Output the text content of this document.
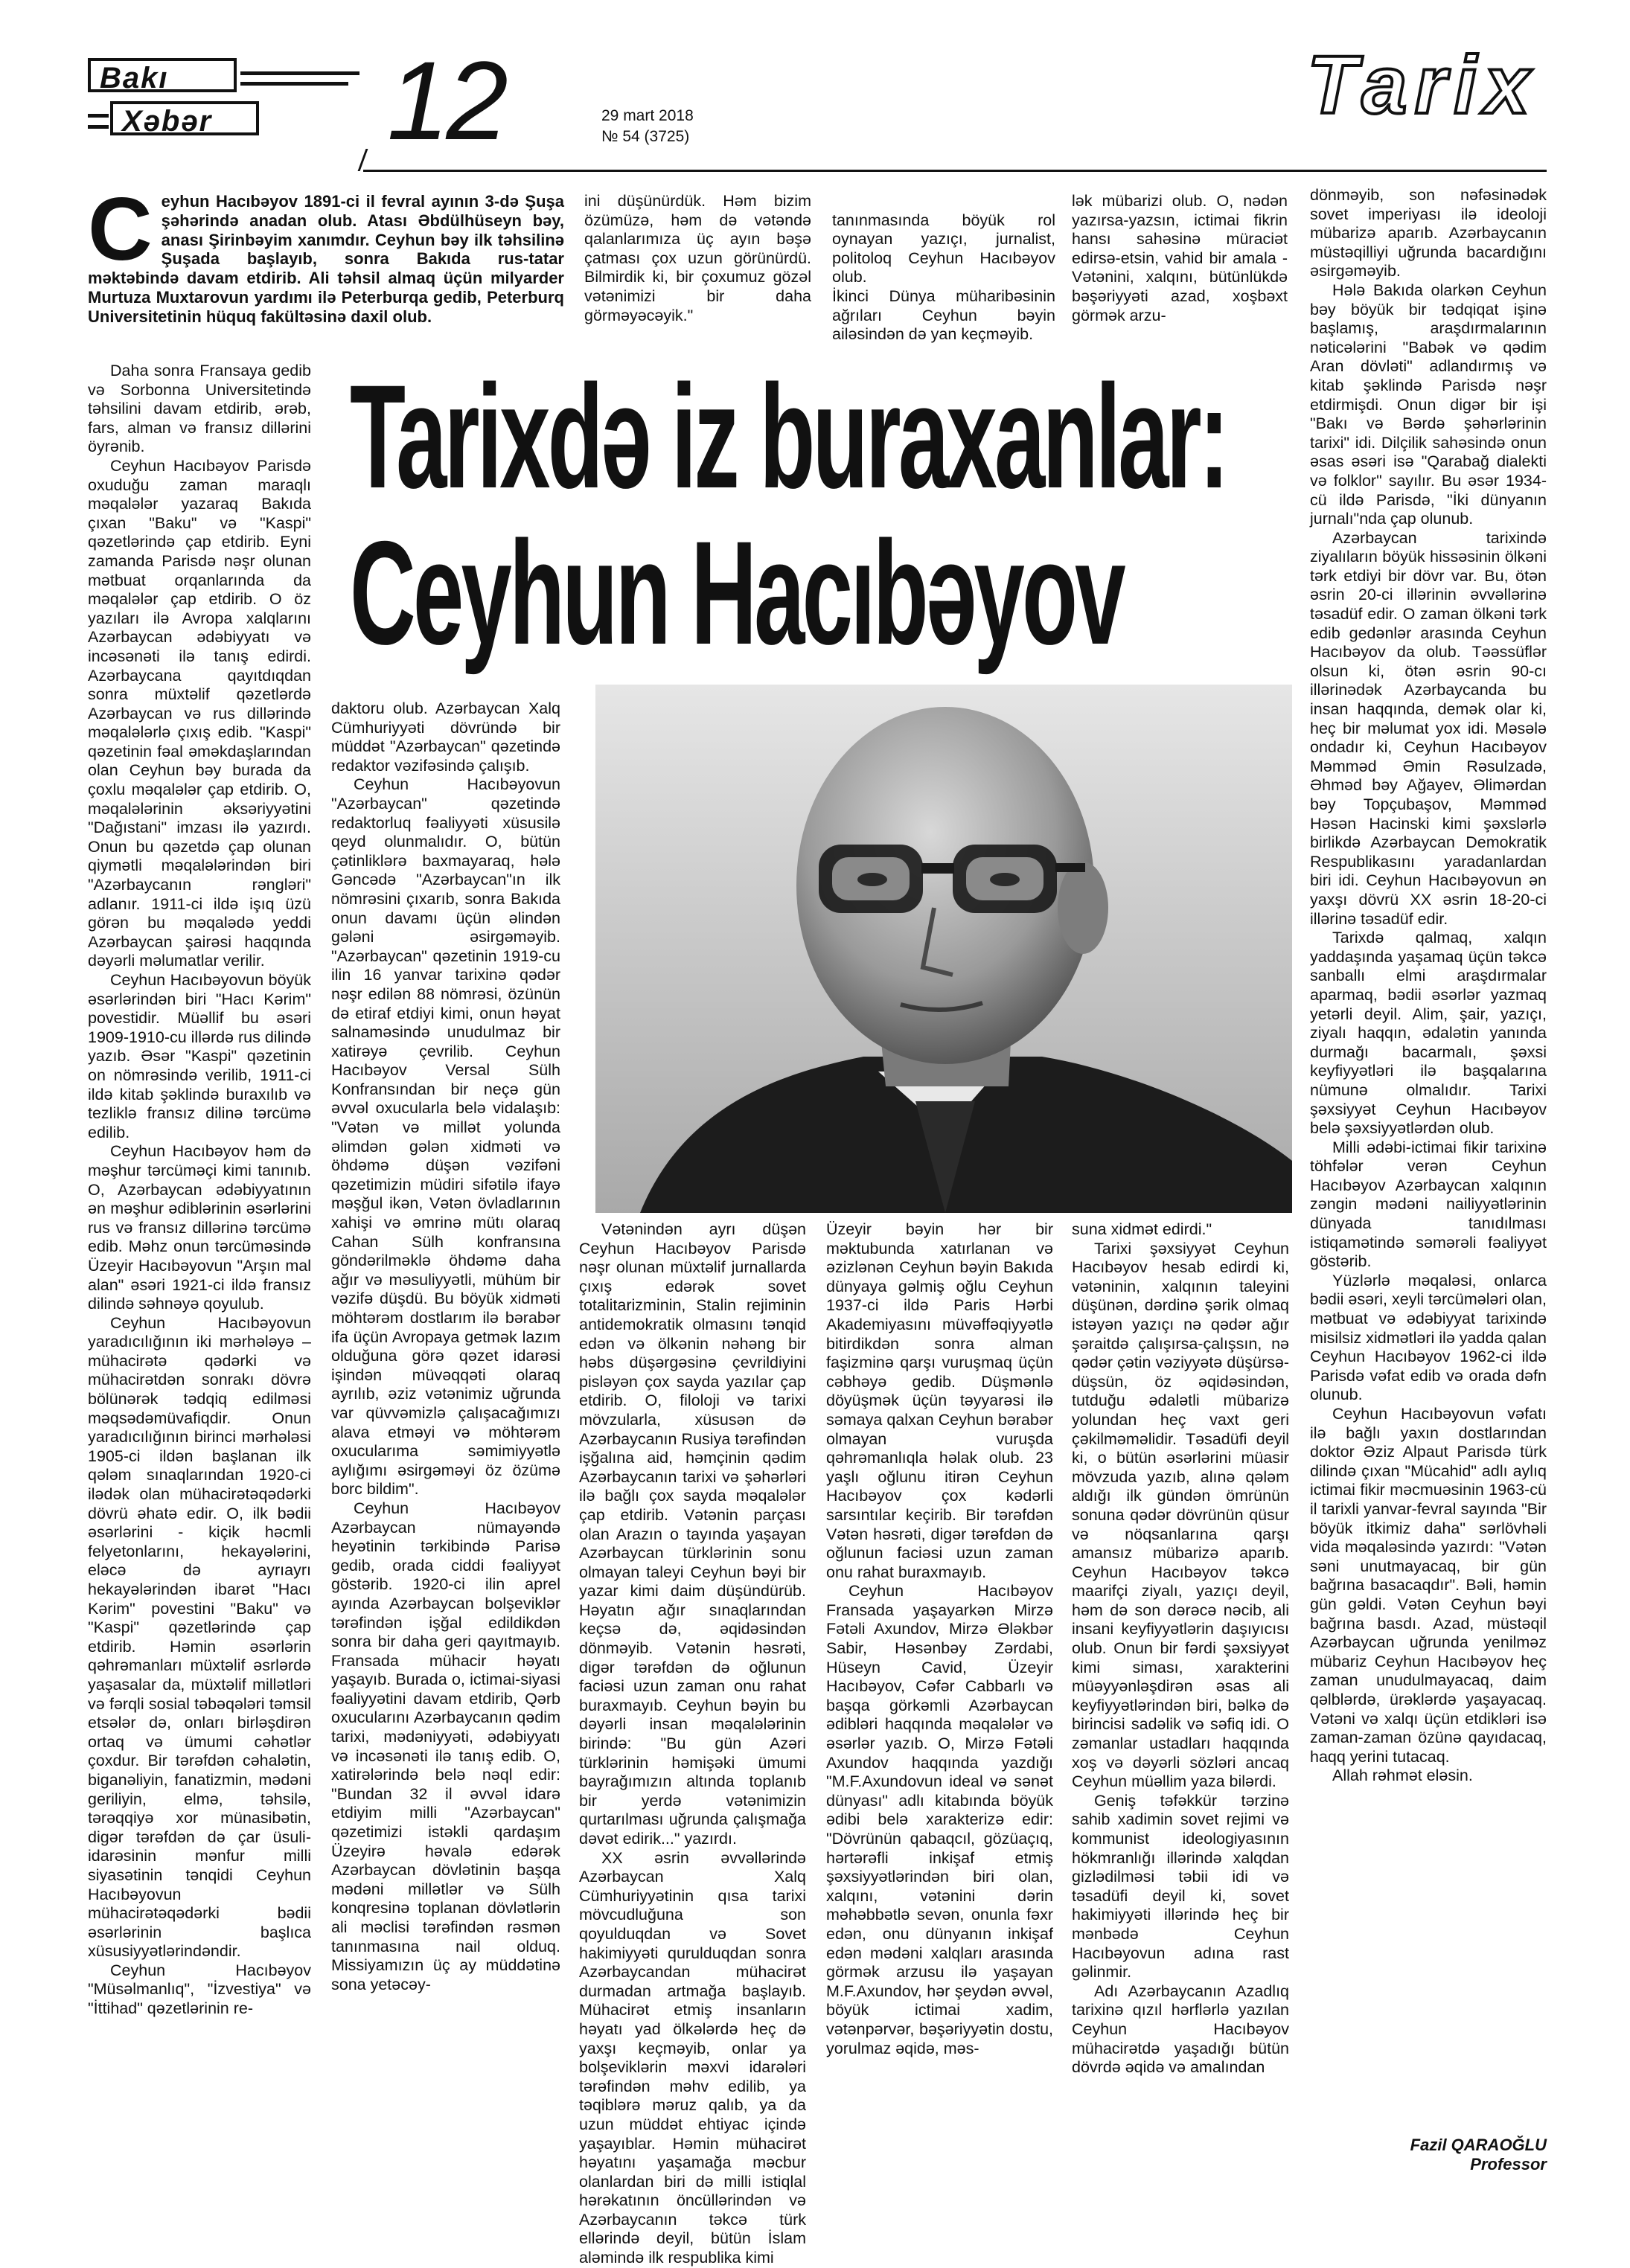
Bakı
Xəbər	12	29 mart 2018
№ 54 (3725)
Tarix
C eyhun Hacıbəyov 1891-ci il fevral ayının 3-də Şuşa şəhərində anadan olub. Atası Əbdülhüseyn bəy, anası Şirinbəyim xanımdır. Ceyhun bəy ilk təhsilinə Şuşada başlayıb, sonra Bakıda rus-tatar məktəbində davam etdirib. Ali təhsil almaq üçün milyarder Murtuza Muxtarovun yardımı ilə Peterburqa gedib, Peterburq Universitetinin hüquq fakültəsinə daxil olub.

ini düşünürdük. Həm bizim özümüzə, həm də vətəndə qalanlarımıza üç ayın bəşə çatması çox uzun görünürdü. Bilmirdik ki, bir çoxumuz gözəl vətənimizi bir daha görməyəcəyik."

tanınmasında böyük rol oynayan yazıçı, jurnalist, politoloq Ceyhun Hacıbəyov olub.
İkinci Dünya müharibəsinin ağrıları Ceyhun bəyin ailəsindən də yan keçməyib.

lək mübarizi olub. O, nədən yazırsa-yazsın, ictimai fikrin hansı sahəsinə müraciət edirsə-etsin, vahid bir amala - Vətənini, xalqını, bütünlükdə bəşəriyyəti azad, xoşbəxt görmək arzu-

Tarixdə iz buraxanlar:
Ceyhun Hacıbəyov

Daha sonra Fransaya gedib və Sorbonna Universitetində təhsilini davam etdirib, ərəb, fars, alman və fransız dillərini öyrənib.

Ceyhun Hacıbəyov Parisdə oxuduğu zaman maraqlı məqalələr yazaraq Bakıda çıxan "Baku" və "Kaspi" qəzetlərində çap etdirib. Eyni zamanda Parisdə nəşr olunan mətbuat orqanlarında da məqalələr çap etdirib. O öz yazıları ilə Avropa xalqlarını Azərbaycan ədəbiyyatı və incəsənəti ilə tanış edirdi. Azərbaycana qayıtdıqdan sonra müxtəlif qəzetlərdə Azərbaycan və rus dillərində məqalələrlə çıxış edib. "Kaspi" qəzetinin fəal əməkdaşlarından olan Ceyhun bəy burada da çoxlu məqalələr çap etdirib. O, məqalələrinin əksəriyyətini "Dağıstani" imzası ilə yazırdı. Onun bu qəzetdə çap olunan qiymətli məqalələrindən biri "Azərbaycanın rəngləri" adlanır. 1911-ci ildə işıq üzü görən bu məqalədə yeddi Azərbaycan şairəsi haqqında dəyərli məlumatlar verilir.

Ceyhun Hacıbəyovun böyük əsərlərindən biri "Hacı Kərim" povestidir. Müəllif bu əsəri 1909-1910-cu illərdə rus dilində yazıb. Əsər "Kaspi" qəzetinin on nömrəsində verilib, 1911-ci ildə kitab şəklində buraxılıb və tezliklə fransız dilinə tərcümə edilib.

Ceyhun Hacıbəyov həm də məşhur tərcüməçi kimi tanınıb. O, Azərbaycan ədəbiyyatının ən məşhur ədiblərinin əsərlərini rus və fransız dillərinə tərcümə edib. Məhz onun tərcüməsində Üzeyir Hacıbəyovun "Arşın mal alan" əsəri 1921-ci ildə fransız dilində səhnəyə qoyulub.

Ceyhun Hacıbəyovun yaradıcılığının iki mərhələyə – mühacirətə qədərki və mühacirətdən sonrakı dövrə bölünərək tədqiq edilməsi məqsədəmüvafiqdir. Onun yaradıcılığının birinci mərhələsi 1905-ci ildən başlanan ilk qələm sınaqlarından 1920-ci ilədək olan mühacirətəqədərki dövrü əhatə edir. O, ilk bədii əsərlərini - kiçik həcmli felyetonlarını, hekayələrini, eləcə də ayrıayrı hekayələrindən ibarət "Hacı Kərim" povestini "Baku" və "Kaspi" qəzetlərində çap etdirib. Həmin əsərlərin qəhrəmanları müxtəlif əsrlərdə yaşasalar da, müxtəlif millətləri və fərqli sosial təbəqələri təmsil etsələr də, onları birləşdirən ortaq və ümumi cəhətlər çoxdur. Bir tərəfdən cəhalətin, biganəliyin, fanatizmin, mədəni geriliyin, elmə, təhsilə, tərəqqiyə xor münasibətin, digər tərəfdən də çar üsuli-idarəsinin mənfur milli siyasətinin tənqidi Ceyhun Hacıbəyovun mühacirətəqədərki bədii əsərlərinin başlıca xüsusiyyətlərindəndir.

Ceyhun Hacıbəyov "Müsəlmanlıq", "İzvestiya" və "İttihad" qəzetlərinin re-

daktoru olub. Azərbaycan Xalq Cümhuriyyəti dövründə bir müddət "Azərbaycan" qəzetində redaktor vəzifəsində çalışıb.

Ceyhun Hacıbəyovun "Azərbaycan" qəzetində redaktorluq fəaliyyəti xüsusilə qeyd olunmalıdır. O, bütün çətinliklərə baxmayaraq, hələ Gəncədə "Azərbaycan"ın ilk nömrəsini çıxarıb, sonra Bakıda onun davamı üçün əlindən gələni əsirgəməyib. "Azərbaycan" qəzetinin 1919-cu ilin 16 yanvar tarixinə qədər nəşr edilən 88 nömrəsi, özünün də etiraf etdiyi kimi, onun həyat salnaməsində unudulmaz bir xatirəyə çevrilib. Ceyhun Hacıbəyov Versal Sülh Konfransından bir neçə gün əvvəl oxucularla belə vidalaşıb: "Vətən və millət yolunda əlimdən gələn xidməti və öhdəmə düşən vəzifəni qəzetimizin müdiri sifətilə ifayə məşğul ikən, Vətən övladlarının xahişi və əmrinə mütı olaraq Cahan Sülh konfransına göndərilməklə öhdəmə daha ağır və məsuliyyətli, mühüm bir vəzifə düşdü. Bu böyük xidməti möhtərəm dostlarım ilə bərabər ifa üçün Avropaya getmək lazım olduğuna görə qəzet idarəsi işindən müvəqqəti olaraq ayrılıb, əziz vətənimiz uğrunda var qüvvəmizlə çalışacağımızı alava etməyi və möhtərəm oxucularıma səmimiyyətlə aylığımı əsirgəməyi öz özümə borc bildim".

Ceyhun Hacıbəyov Azərbaycan nümayəndə heyətinin tərkibində Parisə gedib, orada ciddi fəaliyyət göstərib. 1920-ci ilin aprel ayında Azərbaycan bolşeviklər tərəfindən işğal edildikdən sonra bir daha geri qayıtmayıb. Fransada mühacir həyatı yaşayıb. Burada o, ictimai-siyasi fəaliyyətini davam etdirib, Qərb oxucularını Azərbaycanın qədim tarixi, mədəniyyəti, ədəbiyyatı və incəsənəti ilə tanış edib. O, xatirələrində belə nəql edir: "Bundan 32 il əvvəl idarə etdiyim milli "Azərbaycan" qəzetimizi istəkli qardaşım Üzeyirə həvalə edərək Azərbaycan dövlətinin başqa mədəni millətlər və Sülh konqresinə toplanan dövlətlərin ali məclisi tərəfindən rəsmən tanınmasına nail olduq. Missiyamızın üç ay müddətinə sona yetəcəy-

Vətənindən ayrı düşən Ceyhun Hacıbəyov Parisdə nəşr olunan müxtəlif jurnallarda çıxış edərək sovet totalitarizminin, Stalin rejiminin antidemokratik olmasını tənqid edən və ölkənin nəhəng bir həbs düşərgəsinə çevrildiyini pisləyən çox sayda yazılar çap etdirib. O, filoloji və tarixi mövzularla, xüsusən də Azərbaycanın Rusiya tərəfindən işğalına aid, həmçinin qədim Azərbaycanın tarixi və şəhərləri ilə bağlı çox sayda məqalələr çap etdirib. Vətənin parçası olan Arazın o tayında yaşayan Azərbaycan türklərinin sonu olmayan taleyi Ceyhun bəyi bir yazar kimi daim düşündürüb. Həyatın ağır sınaqlarından keçsə də, əqidəsindən dönməyib. Vətənin həsrəti, digər tərəfdən də oğlunun faciəsi uzun zaman onu rahat buraxmayıb. Ceyhun bəyin bu dəyərli insan məqalələrinin birində: "Bu gün Azəri türklərinin həmişəki ümumi bayrağımızın altında toplanıb bir yerdə vətənimizin qurtarılması uğrunda çalışmağa dəvət edirik..." yazırdı.

XX əsrin əvvəllərində Azərbaycan Xalq Cümhuriyyətinin qısa tarixi mövcudluğuna son qoyulduqdan və Sovet hakimiyyəti qurulduqdan sonra Azərbaycandan mühacirət durmadan artmağa başlayıb. Mühacirət etmiş insanların həyatı yad ölkələrdə heç də yaxşı keçməyib, onlar ya bolşeviklərin məxvi idarələri tərəfindən məhv edilib, ya təqiblərə məruz qalıb, ya da uzun müddət ehtiyac içində yaşayıblar. Həmin mühacirət həyatını yaşamağa məcbur olanlardan biri də milli istiqlal hərəkatının öncüllərindən və Azərbaycanın təkcə türk ellərində deyil, bütün İslam aləmində ilk respublika kimi

Üzeyir bəyin hər bir məktubunda xatırlanan və əzizlənən Ceyhun bəyin Bakıda dünyaya gəlmiş oğlu Ceyhun 1937-ci ildə Paris Hərbi Akademiyasını müvəffəqiyyətlə bitirdikdən sonra alman faşizminə qarşı vuruşmaq üçün cəbhəyə gedib. Düşmənlə döyüşmək üçün təyyarəsi ilə səmaya qalxan Ceyhun bərabər olmayan vuruşda qəhrəmanlıqla həlak olub. 23 yaşlı oğlunu itirən Ceyhun Hacıbəyov çox kədərli sarsıntılar keçirib. Bir tərəfdən Vətən həsrəti, digər tərəfdən də oğlunun faciəsi uzun zaman onu rahat buraxmayıb.

Ceyhun Hacıbəyov Fransada yaşayarkən Mirzə Fətəli Axundov, Mirzə Ələkbər Sabir, Həsənbəy Zərdabi, Hüseyn Cavid, Üzeyir Hacıbəyov, Cəfər Cabbarlı və başqa görkəmli Azərbaycan ədibləri haqqında məqalələr və əsərlər yazıb. O, Mirzə Fətəli Axundov haqqında yazdığı "M.F.Axundovun ideal və sənət dünyası" adlı kitabında böyük ədibi belə xarakterizə edir: "Dövrünün qabaqcıl, gözüaçıq, hərtərəfli inkişaf etmiş şəxsiyyətlərindən biri olan, xalqını, vətənini dərin məhəbbətlə sevən, onunla fəxr edən, onu dünyanın inkişaf edən mədəni xalqları arasında görmək arzusu ilə yaşayan M.F.Axundov, hər şeydən əvvəl, böyük ictimai xadim, vətənpərvər, bəşəriyyətin dostu, yorulmaz əqidə, məs-

suna xidmət edirdi."

Tarixi şəxsiyyət Ceyhun Hacıbəyov hesab edirdi ki, vətəninin, xalqının taleyini düşünən, dərdinə şərik olmaq istəyən yazıçı nə qədər ağır şəraitdə çalışırsa-çalışsın, nə qədər çətin vəziyyətə düşürsə-düşsün, öz əqidəsindən, tutduğu ədalətli mübarizə yolundan heç vaxt geri çəkilməməlidir. Təsadüfi deyil ki, o bütün əsərlərini müasir mövzuda yazıb, alınə qələm aldığı ilk gündən ömrünün sonuna qədər dövrünün qüsur və nöqsanlarına qarşı amansız mübarizə aparıb. Ceyhun Hacıbəyov təkcə maarifçi ziyalı, yazıçı deyil, həm də son dərəcə nəcib, ali insani keyfiyyətlərin daşıyıcısı olub. Onun bir fərdi şəxsiyyət kimi siması, xarakterini müəyyənləşdirən əsas ali keyfiyyətlərindən biri, bəlkə də birincisi sadəlik və səfiq idi. O zəmanlar ustadları haqqında xoş və dəyərli sözləri ancaq Ceyhun müəllim yaza bilərdi.

Geniş təfəkkür tərzinə sahib xadimin sovet rejimi və kommunist ideologiyasının hökmranlığı illərində xalqdan gizlədilməsi təbii idi və təsadüfi deyil ki, sovet hakimiyyəti illərində heç bir mənbədə Ceyhun Hacıbəyovun adına rast gəlinmir.

Adı Azərbaycanın Azadlıq tarixinə qızıl hərflərlə yazılan Ceyhun Hacıbəyov mühacirətdə yaşadığı bütün dövrdə əqidə və amalından

dönməyib, son nəfəsinədək sovet imperiyası ilə ideoloji mübarizə aparıb. Azərbaycanın müstəqilliyi uğrunda bacardığını əsirgəməyib.

Hələ Bakıda olarkən Ceyhun bəy böyük bir tədqiqat işinə başlamış, araşdırmalarının nəticələrini "Babək və qədim Aran dövləti" adlandırmış və kitab şəklində Parisdə nəşr etdirmişdi. Onun digər bir işi "Bakı və Bərdə şəhərlərinin tarixi" idi. Dilçilik sahəsində onun əsas əsəri isə "Qarabağ dialekti və folklor" sayılır. Bu əsər 1934-cü ildə Parisdə, "İki dünyanın jurnalı"nda çap olunub.

Azərbaycan tarixində ziyalıların böyük hissəsinin ölkəni tərk etdiyi bir dövr var. Bu, ötən əsrin 20-ci illərinin əvvəllərinə təsadüf edir. O zaman ölkəni tərk edib gedənlər arasında Ceyhun Hacıbəyov da olub. Təəssüflər olsun ki, ötən əsrin 90-cı illərinədək Azərbaycanda bu insan haqqında, demək olar ki, heç bir məlumat yox idi. Məsələ ondadır ki, Ceyhun Hacıbəyov Məmməd Əmin Rəsulzadə, Əhməd bəy Ağayev, Əlimərdan bəy Topçubaşov, Məmməd Həsən Hacinski kimi şəxslərlə birlikdə Azərbaycan Demokratik Respublikasını yaradanlardan biri idi. Ceyhun Hacıbəyovun ən yaxşı dövrü XX əsrin 18-20-ci illərinə təsadüf edir.

Tarixdə qalmaq, xalqın yaddaşında yaşamaq üçün təkcə sanballı elmi araşdırmalar aparmaq, bədii əsərlər yazmaq yetərli deyil. Alim, şair, yazıçı, ziyalı haqqın, ədalətin yanında durmağı bacarmalı, şəxsi keyfiyyətləri ilə başqalarına nümunə olmalıdır. Tarixi şəxsiyyət Ceyhun Hacıbəyov belə şəxsiyyətlərdən olub.

Milli ədəbi-ictimai fikir tarixinə töhfələr verən Ceyhun Hacıbəyov Azərbaycan xalqının zəngin mədəni nailiyyətlərinin dünyada tanıdılması istiqamətində səmərəli fəaliyyət göstərib.

Yüzlərlə məqaləsi, onlarca bədii əsəri, xeyli tərcümələri olan, mətbuat və ədəbiyyat tarixində misilsiz xidmətləri ilə yadda qalan Ceyhun Hacıbəyov 1962-ci ildə Parisdə vəfat edib və orada dəfn olunub.

Ceyhun Hacıbəyovun vəfatı ilə bağlı yaxın dostlarından doktor Əziz Alpaut Parisdə türk dilində çıxan "Mücahid" adlı aylıq ictimai fikir məcmuəsinin 1963-cü il tarixli yanvar-fevral sayında "Bir böyük itkimiz daha" sərlövhəli vida məqaləsində yazırdı: "Vətən səni unutmayacaq, bir gün bağrına basacaqdır". Bəli, həmin gün gəldi. Vətən Ceyhun bəyi bağrına basdı. Azad, müstəqil Azərbaycan uğrunda yenilməz mübariz Ceyhun Hacıbəyov heç zaman unudulmayacaq, daim qəlblərdə, ürəklərdə yaşayacaq. Vətəni və xalqı üçün etdikləri isə zaman-zaman özünə qayıdacaq, haqq yerini tutacaq.

Allah rəhmət eləsin.

Fazil QARAOĞLU
Professor
